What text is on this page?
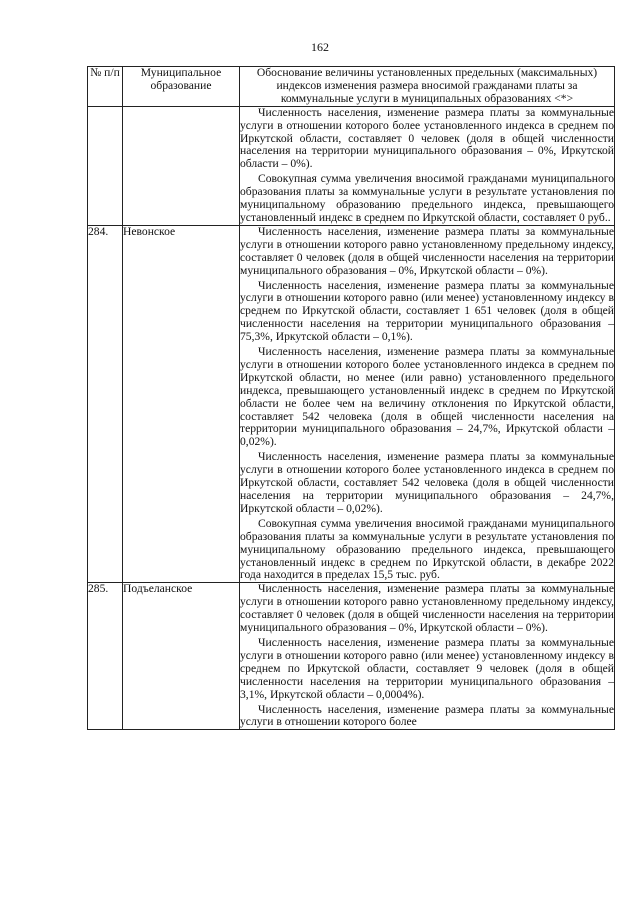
162
№ п/п	Муниципальное образование	Обоснование величины установленных предельных (максимальных) индексов изменения размера вносимой гражданами платы за коммунальные услуги в муниципальных образованиях <*>

		Численность населения, изменение размера платы за коммунальные услуги в отношении которого более установленного индекса в среднем по Иркутской области, составляет 0 человек (доля в общей численности населения на территории муниципального образования – 0%, Иркутской области – 0%).

Совокупная сумма увеличения вносимой гражданами муниципального образования платы за коммунальные услуги в результате установления по муниципальному образованию предельного индекса, превышающего установленный индекс в среднем по Иркутской области, составляет 0 руб..

284.	Невонское	Численность населения, изменение размера платы за коммунальные услуги в отношении которого равно установленному предельному индексу, составляет 0 человек (доля в общей численности населения на территории муниципального образования – 0%, Иркутской области – 0%).

Численность населения, изменение размера платы за коммунальные услуги в отношении которого равно (или менее) установленному индексу в среднем по Иркутской области, составляет 1 651 человек (доля в общей численности населения на территории муниципального образования – 75,3%, Иркутской области – 0,1%).

Численность населения, изменение размера платы за коммунальные услуги в отношении которого более установленного индекса в среднем по Иркутской области, но менее (или равно) установленного предельного индекса, превышающего установленный индекс в среднем по Иркутской области не более чем на величину отклонения по Иркутской области, составляет 542 человека (доля в общей численности населения на территории муниципального образования – 24,7%, Иркутской области – 0,02%).

Численность населения, изменение размера платы за коммунальные услуги в отношении которого более установленного индекса в среднем по Иркутской области, составляет 542 человека (доля в общей численности населения на территории муниципального образования – 24,7%, Иркутской области – 0,02%).

Совокупная сумма увеличения вносимой гражданами муниципального образования платы за коммунальные услуги в результате установления по муниципальному образованию предельного индекса, превышающего установленный индекс в среднем по Иркутской области, в декабре 2022 года находится в пределах 15,5 тыс. руб.

285.	Подъеланское	Численность населения, изменение размера платы за коммунальные услуги в отношении которого равно установленному предельному индексу, составляет 0 человек (доля в общей численности населения на территории муниципального образования – 0%, Иркутской области – 0%).

Численность населения, изменение размера платы за коммунальные услуги в отношении которого равно (или менее) установленному индексу в среднем по Иркутской области, составляет 9 человек (доля в общей численности населения на территории муниципального образования – 3,1%, Иркутской области – 0,0004%).

Численность населения, изменение размера платы за коммунальные услуги в отношении которого более
